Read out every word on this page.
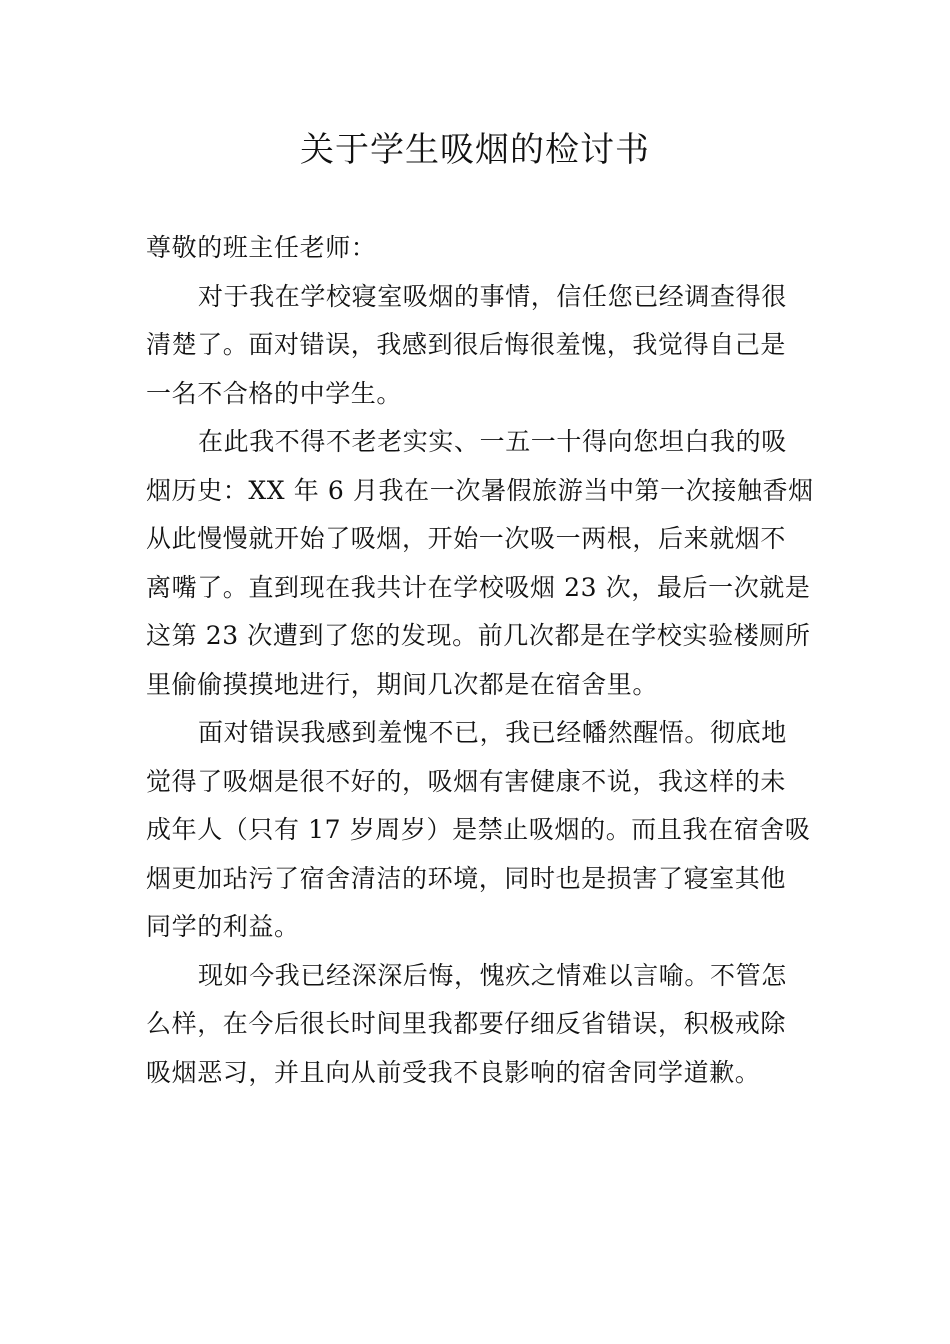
关于学生吸烟的检讨书

尊敬的班主任老师：

对于我在学校寝室吸烟的事情，信任您已经调查得很
清楚了。面对错误，我感到很后悔很羞愧，我觉得自己是
一名不合格的中学生。
在此我不得不老老实实、一五一十得向您坦白我的吸
烟历史：XX 年 6 月我在一次暑假旅游当中第一次接触香烟
从此慢慢就开始了吸烟，开始一次吸一两根，后来就烟不
离嘴了。直到现在我共计在学校吸烟 23 次，最后一次就是
这第 23 次遭到了您的发现。前几次都是在学校实验楼厕所
里偷偷摸摸地进行，期间几次都是在宿舍里。
面对错误我感到羞愧不已，我已经幡然醒悟。彻底地
觉得了吸烟是很不好的，吸烟有害健康不说，我这样的未
成年人（只有 17 岁周岁）是禁止吸烟的。而且我在宿舍吸
烟更加玷污了宿舍清洁的环境，同时也是损害了寝室其他
同学的利益。
现如今我已经深深后悔，愧疚之情难以言喻。不管怎
么样，在今后很长时间里我都要仔细反省错误，积极戒除
吸烟恶习，并且向从前受我不良影响的宿舍同学道歉。
